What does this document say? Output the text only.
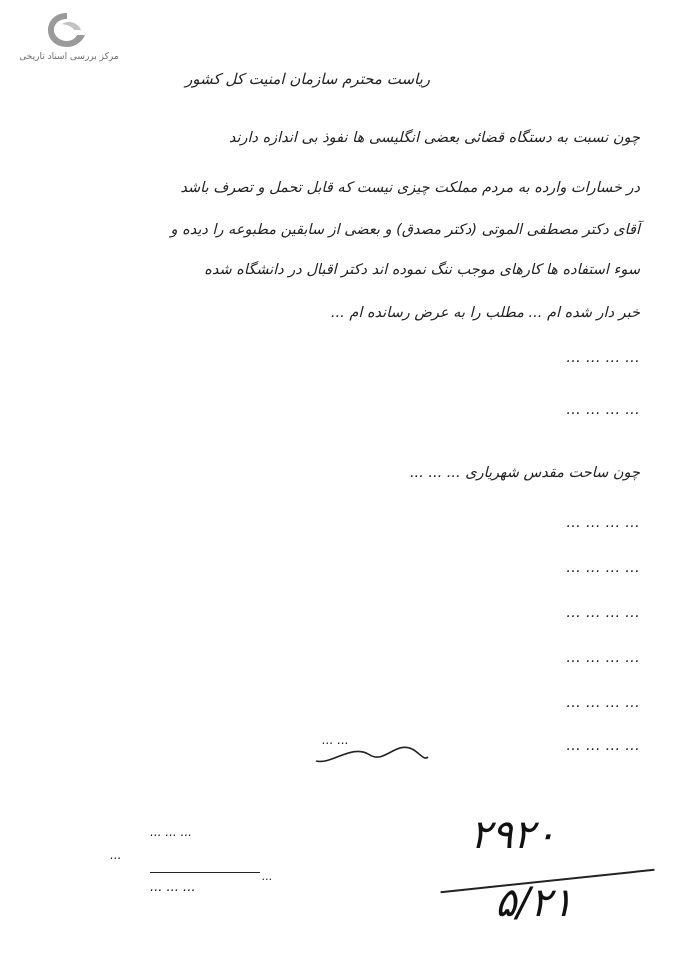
مرکز بررسی اسناد تاریخی
ریاست محترم سازمان امنیت کل کشور
چون نسبت به دستگاه قضائی بعضی انگلیسی ها نفوذ بی اندازه دارند
در خسارات وارده به مردم مملکت چیزی نیست که قابل تحمل و تصرف باشد
آقای دکتر مصطفی الموتی (دکتر مصدق) و بعضی از سابقین مطبوعه را دیده و
سوء استفاده ها کارهای موجب ننگ نموده اند دکتر اقبال در دانشگاه شده
خبر دار شده ام ... مطلب را به عرض رسانده ام ...
... ... ... ...
... ... ... ...
چون ساحت مقدس شهریاری ... ... ...
... ... ... ...
... ... ... ...
... ... ... ...
... ... ... ...
... ... ... ...
... ... ... ...
... ...
... ... ...
...
... ... ...
...
۲۹۲۰
۵/۲۱
